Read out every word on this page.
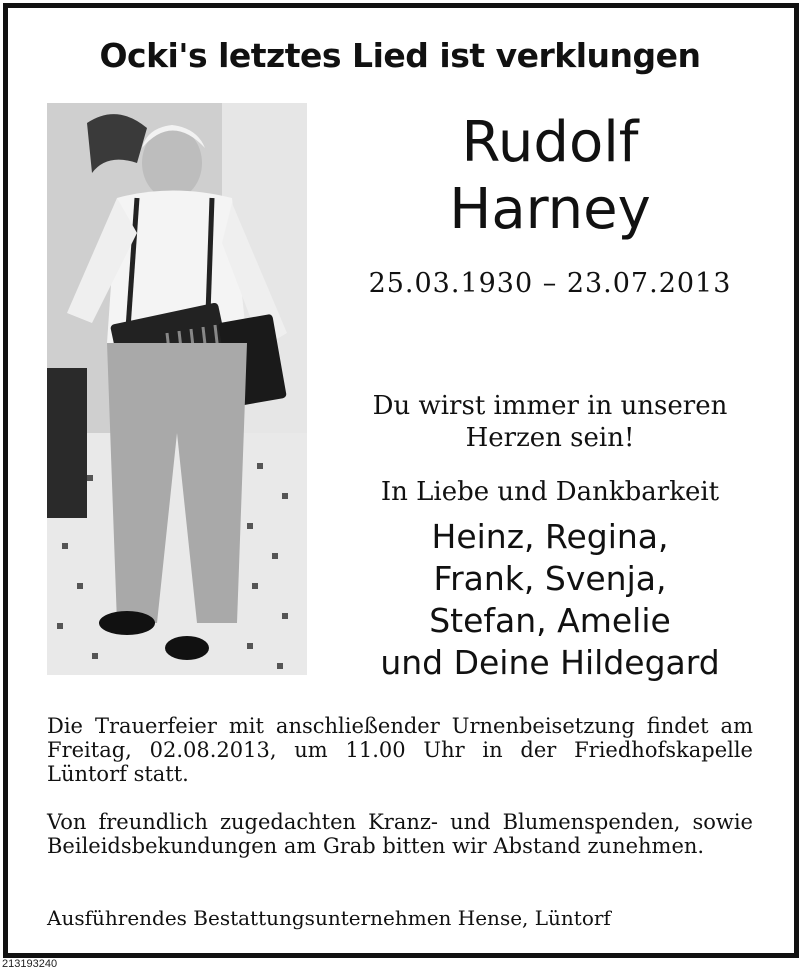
Ocki's letztes Lied ist verklungen
Rudolf
Harney
25.03.1930 – 23.07.2013
Du wirst immer in unseren
Herzen sein!
In Liebe und Dankbarkeit
Heinz, Regina,
Frank, Svenja,
Stefan, Amelie
und Deine Hildegard
Die Trauerfeier mit anschließender Urnenbeisetzung findet am Freitag, 02.08.2013, um 11.00 Uhr in der Friedhofskapelle Lüntorf statt.
Von freundlich zugedachten Kranz- und Blumenspenden, sowie Beileidsbekundungen am Grab bitten wir Abstand zunehmen.
Ausführendes Bestattungsunternehmen Hense, Lüntorf
213193240
